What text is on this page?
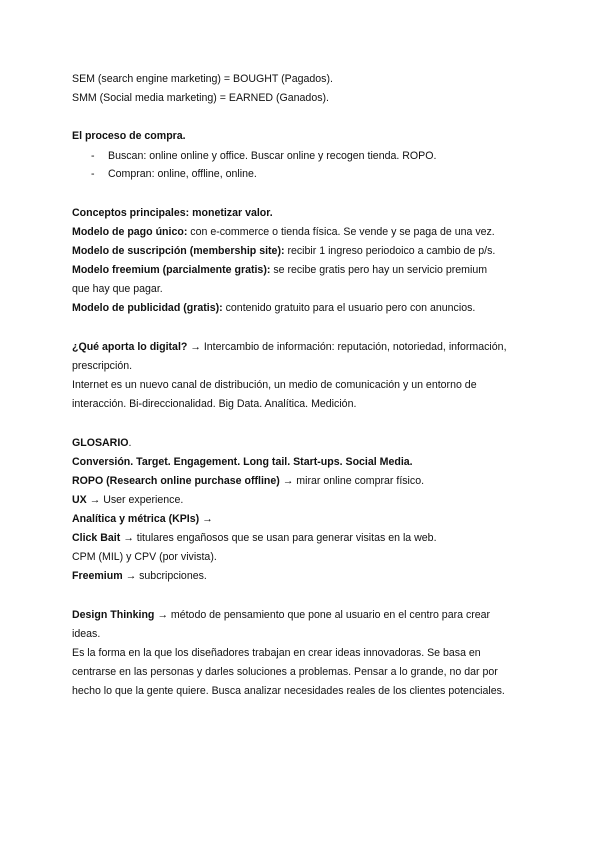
SEM (search engine marketing) = BOUGHT (Pagados).
SMM (Social media marketing) = EARNED (Ganados).
El proceso de compra.
- Buscan: online online y office. Buscar online y recogen tienda. ROPO.
- Compran: online, offline, online.
Conceptos principales: monetizar valor.
Modelo de pago único: con e-commerce o tienda física. Se vende y se paga de una vez.
Modelo de suscripción (membership site): recibir 1 ingreso periodoico a cambio de p/s.
Modelo freemium (parcialmente gratis): se recibe gratis pero hay un servicio premium
que hay que pagar.
Modelo de publicidad (gratis): contenido gratuito para el usuario pero con anuncios.
¿Qué aporta lo digital? → Intercambio de información: reputación, notoriedad, información,
prescripción.
Internet es un nuevo canal de distribución, un medio de comunicación y un entorno de
interacción. Bi-direccionalidad. Big Data. Analítica. Medición.
GLOSARIO.
Conversión. Target. Engagement. Long tail. Start-ups. Social Media.
ROPO (Research online purchase offline) → mirar online comprar físico.
UX → User experience.
Analítica y métrica (KPIs) →
Click Bait → titulares engañosos que se usan para generar visitas en la web.
CPM (MIL) y CPV (por vivista).
Freemium → subcripciones.
Design Thinking → método de pensamiento que pone al usuario en el centro para crear
ideas.
Es la forma en la que los diseñadores trabajan en crear ideas innovadoras. Se basa en
centrarse en las personas y darles soluciones a problemas. Pensar a lo grande, no dar por
hecho lo que la gente quiere. Busca analizar necesidades reales de los clientes potenciales.
